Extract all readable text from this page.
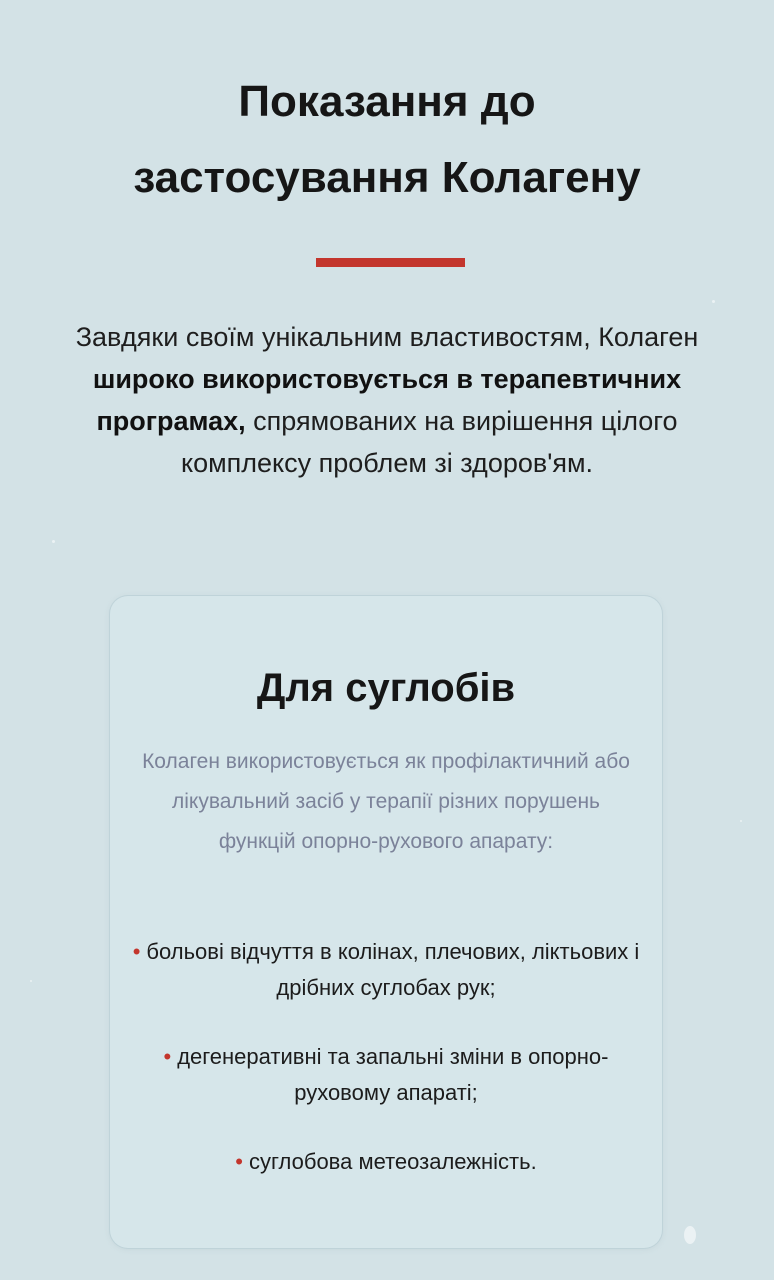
Показання до
застосування Колагену

Завдяки своїм унікальним властивостям, Колаген широко використовується в терапевтичних програмах, спрямованих на вирішення цілого комплексу проблем зі здоров'ям.

Для суглобів

Колаген використовується як профілактичний або лікувальний засіб у терапії різних порушень функцій опорно-рухового апарату:

• больові відчуття в колінах, плечових, ліктьових і дрібних суглобах рук;
• дегенеративні та запальні зміни в опорно-руховому апараті;
• суглобова метеозалежність.
